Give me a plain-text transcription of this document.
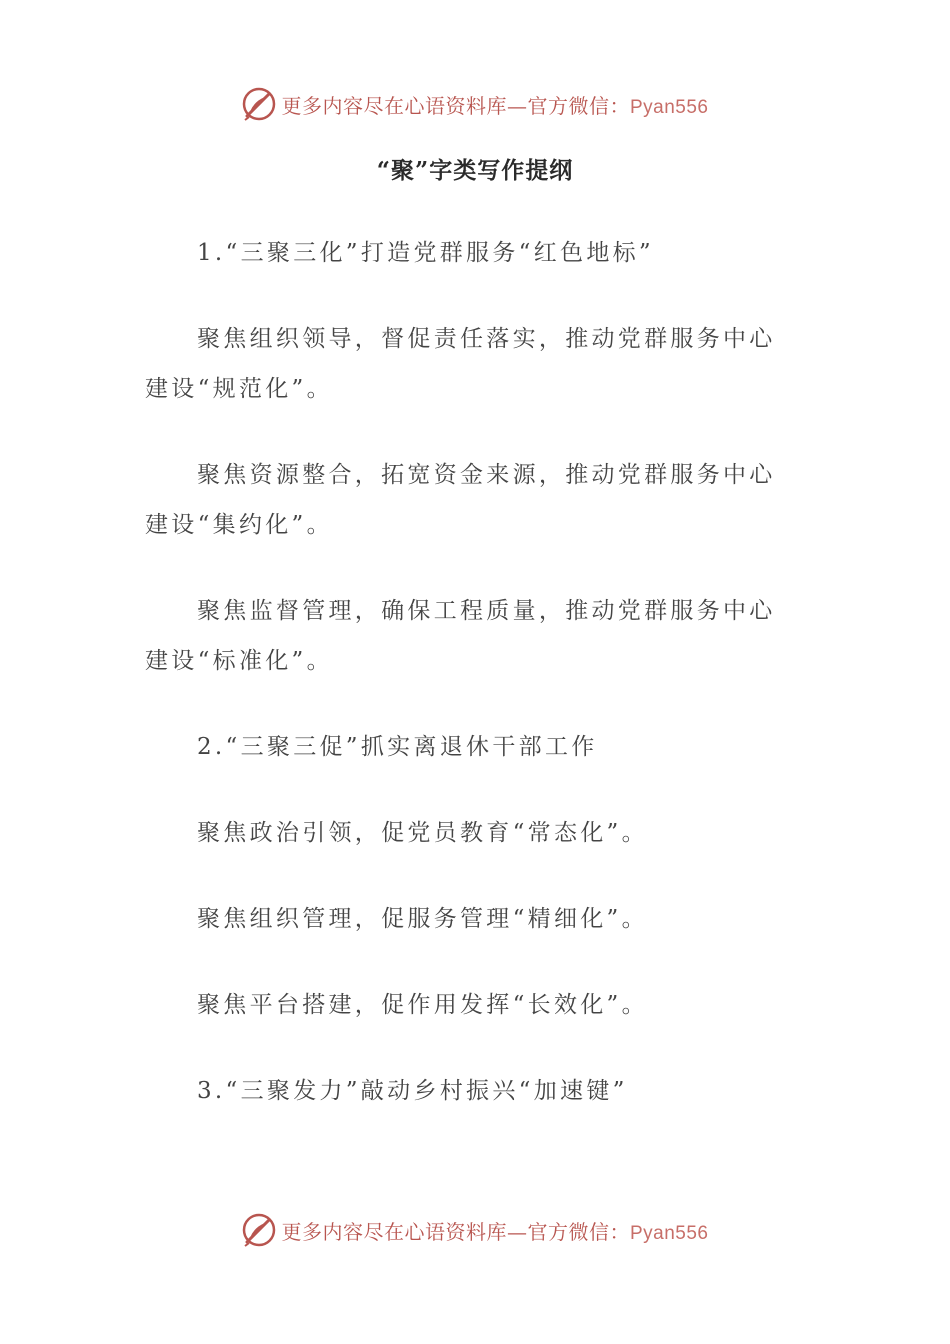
更多内容尽在心语资料库—官方微信：Pyan556
“聚”字类写作提纲

1.“三聚三化”打造党群服务“红色地标”

聚焦组织领导，督促责任落实，推动党群服务中心建设“规范化”。

聚焦资源整合，拓宽资金来源，推动党群服务中心建设“集约化”。

聚焦监督管理，确保工程质量，推动党群服务中心建设“标准化”。

2.“三聚三促”抓实离退休干部工作

聚焦政治引领，促党员教育“常态化”。

聚焦组织管理，促服务管理“精细化”。

聚焦平台搭建，促作用发挥“长效化”。

3.“三聚发力”敲动乡村振兴“加速键”

更多内容尽在心语资料库—官方微信：Pyan556
